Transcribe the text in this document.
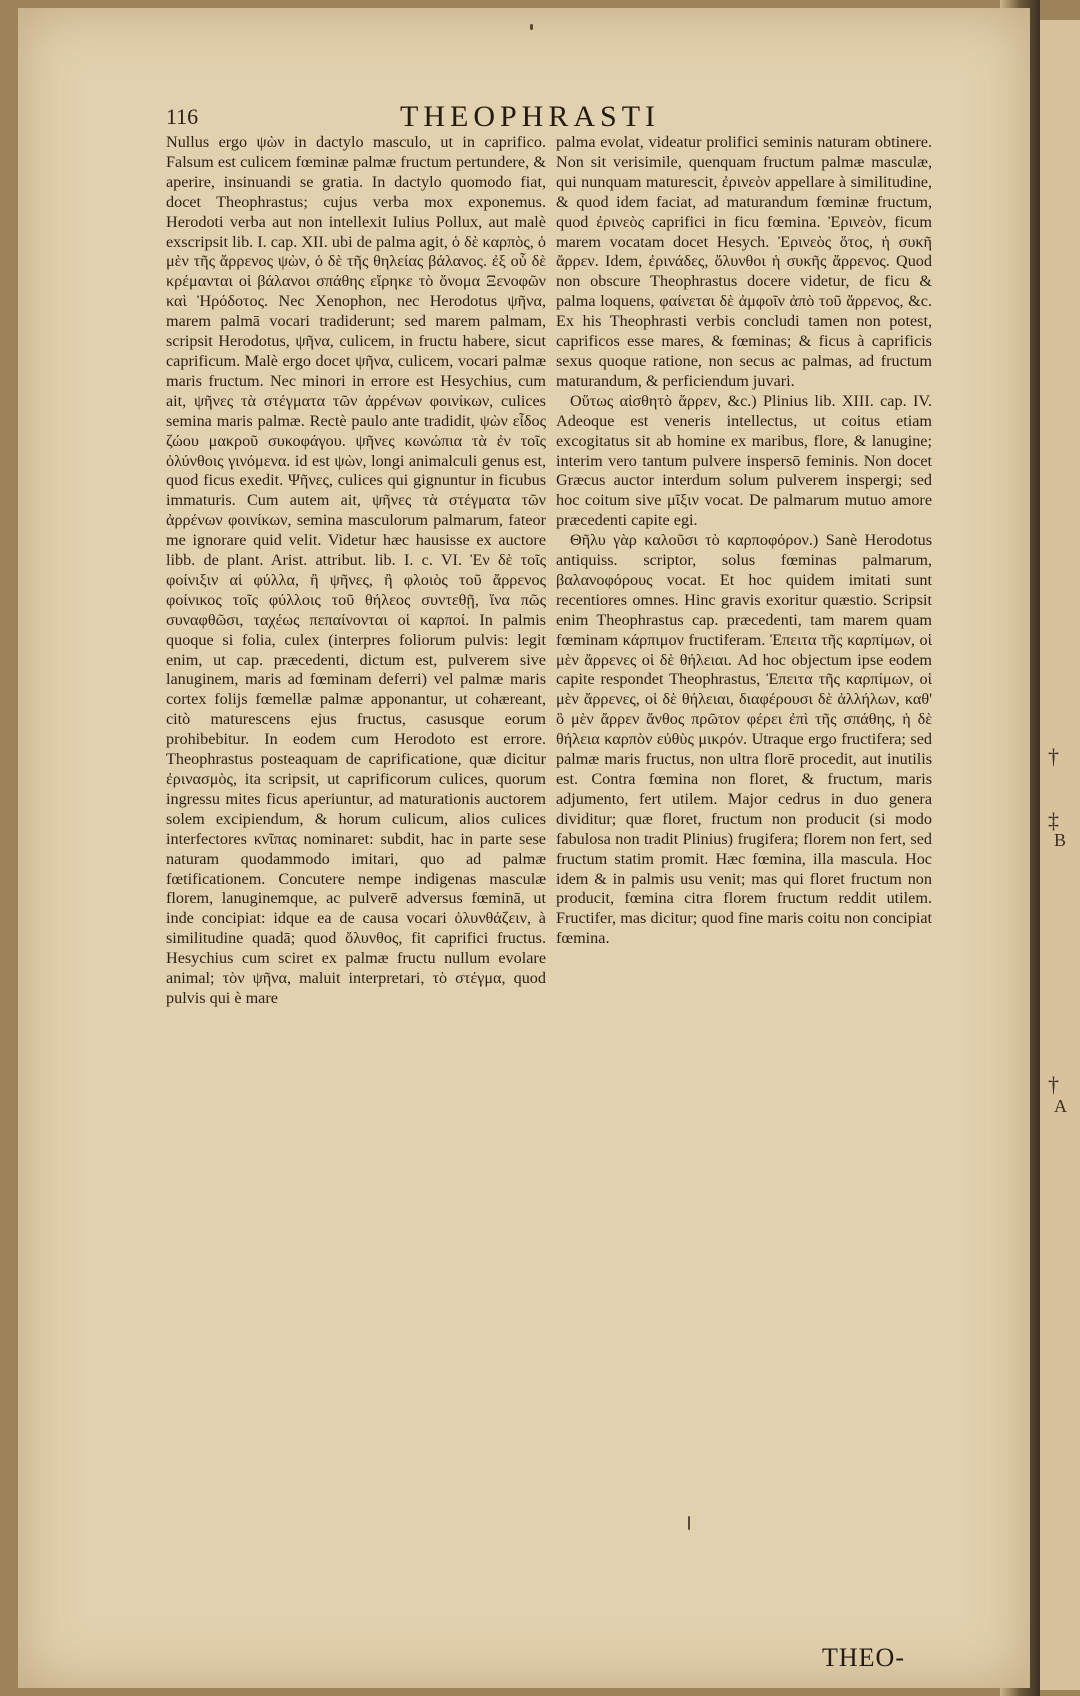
†
‡
B
†
A
116	THEOPHRASTI

Nullus ergo ψὼν in dactylo masculo, ut in caprifico. Falsum est culicem fœminæ palmæ fructum pertundere, & aperire, insinuandi se gratia. In dactylo quomodo fiat, docet Theophrastus; cujus verba mox exponemus. Herodoti verba aut non intellexit Iulius Pollux, aut malè exscripsit lib. I. cap. XII. ubi de palma agit, ὁ δὲ καρπὸς, ὁ μὲν τῆς ἄρρενος ψὼν, ὁ δὲ τῆς θηλείας βάλανος. ἐξ οὗ δὲ κρέμανται οἱ βάλανοι σπάθης εἴρηκε τὸ ὄνομα Ξενοφῶν καὶ Ἡρόδοτος. Nec Xenophon, nec Herodotus ψῆνα, marem palmā vocari tradiderunt; sed marem palmam, scripsit Herodotus, ψῆνα, culicem, in fructu habere, sicut caprificum. Malè ergo docet ψῆνα, culicem, vocari palmæ maris fructum. Nec minori in errore est Hesychius, cum ait, ψῆνες τὰ στέγματα τῶν ἀρρένων φοινίκων, culices semina maris palmæ. Rectè paulo ante tradidit, ψὼν εἶδος ζώου μακροῦ συκοφάγου. ψῆνες κωνώπια τὰ ἐν τοῖς ὀλύνθοις γινόμενα. id est ψὼν, longi animalculi genus est, quod ficus exedit. Ψῆνες, culices qui gignuntur in ficubus immaturis. Cum autem ait, ψῆνες τὰ στέγματα τῶν ἀρρένων φοινίκων, semina masculorum palmarum, fateor me ignorare quid velit. Videtur hæc hausisse ex auctore libb. de plant. Arist. attribut. lib. I. c. VI. Ἐν δὲ τοῖς φοίνιξιν αἱ φύλλα, ἢ ψῆνες, ἢ φλοιὸς τοῦ ἄρρενος φοίνικος τοῖς φύλλοις τοῦ θήλεος συντεθῇ, ἵνα πῶς συναφθῶσι, ταχέως πεπαίνονται οἱ καρποί. In palmis quoque si folia, culex (interpres foliorum pulvis: legit enim, ut cap. præcedenti, dictum est, pulverem sive lanuginem, maris ad fœminam deferri) vel palmæ maris cortex folijs fœmellæ palmæ apponantur, ut cohæreant, citò maturescens ejus fructus, casusque eorum prohibebitur. In eodem cum Herodoto est errore. Theophrastus posteaquam de caprificatione, quæ dicitur ἐρινασμὸς, ita scripsit, ut caprificorum culices, quorum ingressu mites ficus aperiuntur, ad maturationis auctorem solem excipiendum, & horum culicum, alios culices interfectores κνῖπας nominaret: subdit, hac in parte sese naturam quodammodo imitari, quo ad palmæ fœtificationem. Concutere nempe indigenas masculæ florem, lanuginemque, ac pulverē adversus fœminā, ut inde concipiat: idque ea de causa vocari ὀλυνθάζειν, à similitudine quadā; quod ὄλυνθος, fit caprifici fructus. Hesychius cum sciret ex palmæ fructu nullum evolare animal; τὸν ψῆνα, maluit interpretari, τὸ στέγμα, quod pulvis qui è mare

palma evolat, videatur prolifici seminis naturam obtinere. Non sit verisimile, quenquam fructum palmæ masculæ, qui nunquam maturescit, ἐρινεὸν appellare à similitudine, & quod idem faciat, ad maturandum fœminæ fructum, quod ἐρινεὸς caprifici in ficu fœmina. Ἐρινεὸν, ficum marem vocatam docet Hesych. Ἐρινεὸς ὅτος, ἡ συκῆ ἄρρεν. Idem, ἐρινάδες, ὄλυνθοι ἡ συκῆς ἄρρενος. Quod non obscure Theophrastus docere videtur, de ficu & palma loquens, φαίνεται δὲ ἀμφοῖν ἀπὸ τοῦ ἄρρενος, &c. Ex his Theophrasti verbis concludi tamen non potest, caprificos esse mares, & fœminas; & ficus à caprificis sexus quoque ratione, non secus ac palmas, ad fructum maturandum, & perficiendum juvari.

Οὕτως αἰσθητὸ ἄρρεν, &c.) Plinius lib. XIII. cap. IV. Adeoque est veneris intellectus, ut coitus etiam excogitatus sit ab homine ex maribus, flore, & lanugine; interim vero tantum pulvere inspersō feminis. Non docet Græcus auctor interdum solum pulverem inspergi; sed hoc coitum sive μῖξιν vocat. De palmarum mutuo amore præcedenti capite egi.

Θῆλυ γὰρ καλοῦσι τὸ καρποφόρον.) Sanè Herodotus antiquiss. scriptor, solus fœminas palmarum, βαλανοφόρους vocat. Et hoc quidem imitati sunt recentiores omnes. Hinc gravis exoritur quæstio. Scripsit enim Theophrastus cap. præcedenti, tam marem quam fœminam κάρπιμον fructiferam. Ἐπειτα τῆς καρπίμων, οἱ μὲν ἄρρενες οἱ δὲ θήλειαι. Ad hoc objectum ipse eodem capite respondet Theophrastus, Ἐπειτα τῆς καρπίμων, οἱ μὲν ἄρρενες, οἱ δὲ θήλειαι, διαφέρουσι δὲ ἀλλήλων, καθ' ὃ μὲν ἄρρεν ἄνθος πρῶτον φέρει ἐπὶ τῆς σπάθης, ἡ δὲ θήλεια καρπὸν εὐθὺς μικρόν. Utraque ergo fructifera; sed palmæ maris fructus, non ultra florē procedit, aut inutilis est. Contra fœmina non floret, & fructum, maris adjumento, fert utilem. Major cedrus in duo genera dividitur; quæ floret, fructum non producit (si modo fabulosa non tradit Plinius) frugifera; florem non fert, sed fructum statim promit. Hæc fœmina, illa mascula. Hoc idem & in palmis usu venit; mas qui floret fructum non producit, fœmina citra florem fructum reddit utilem. Fructifer, mas dicitur; quod fine maris coitu non concipiat fœmina.

THEO-
